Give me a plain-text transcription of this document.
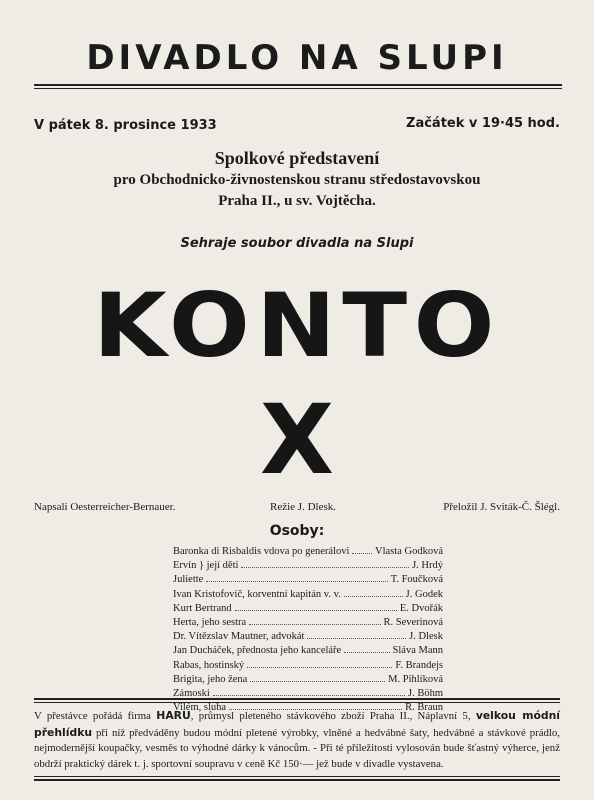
DIVADLO NA SLUPI
V pátek 8. prosince 1933	Začátek v 19·45 hod.
Spolkové představení
pro Obchodnicko-živnostenskou stranu středostavovskou
Praha II., u sv. Vojtěcha.
Sehraje soubor divadla na Slupi
KONTO
X
Napsali Oesterreicher-Bernauer.	Režie J. Dlesk.	Přeložil J. Sviták-Č. Šlégl.
Osoby:
Baronka di Risbaldis vdova po generálovi Vlasta Godková
Ervín } její děti	J. Hrdý
Juliette	T. Foučková
Ivan Kristofovič, korventní kapitán v. v.	J. Godek
Kurt Bertrand	E. Dvořák
Herta, jeho sestra	R. Severinová
Dr. Vítězslav Mautner, advokát	J. Dlesk
Jan Ducháček, přednosta jeho kanceláře	Sláva Mann
Rabas, hostinský	F. Brandejs
Brigita, jeho žena	M. Pihlíková
Zámoski	J. Böhm
Vilém, sluha	R. Braun
V přestávce pořádá firma HARU, průmysl pleteného stávkového zboží Praha II., Náplavní 5, velkou módní přehlídku při níž předváděny budou módní pletené výrobky, vlněné a hedvábné šaty, hedvábné a stávkové prádlo, nejmodernější koupačky, vesměs to výhodné dárky k vánocům. - Při té příležitosti vylosován bude šťastný výherce, jenž obdrží praktický dárek t. j. sportovní soupravu v ceně Kč 150·— jež bude v divadle vystavena.
